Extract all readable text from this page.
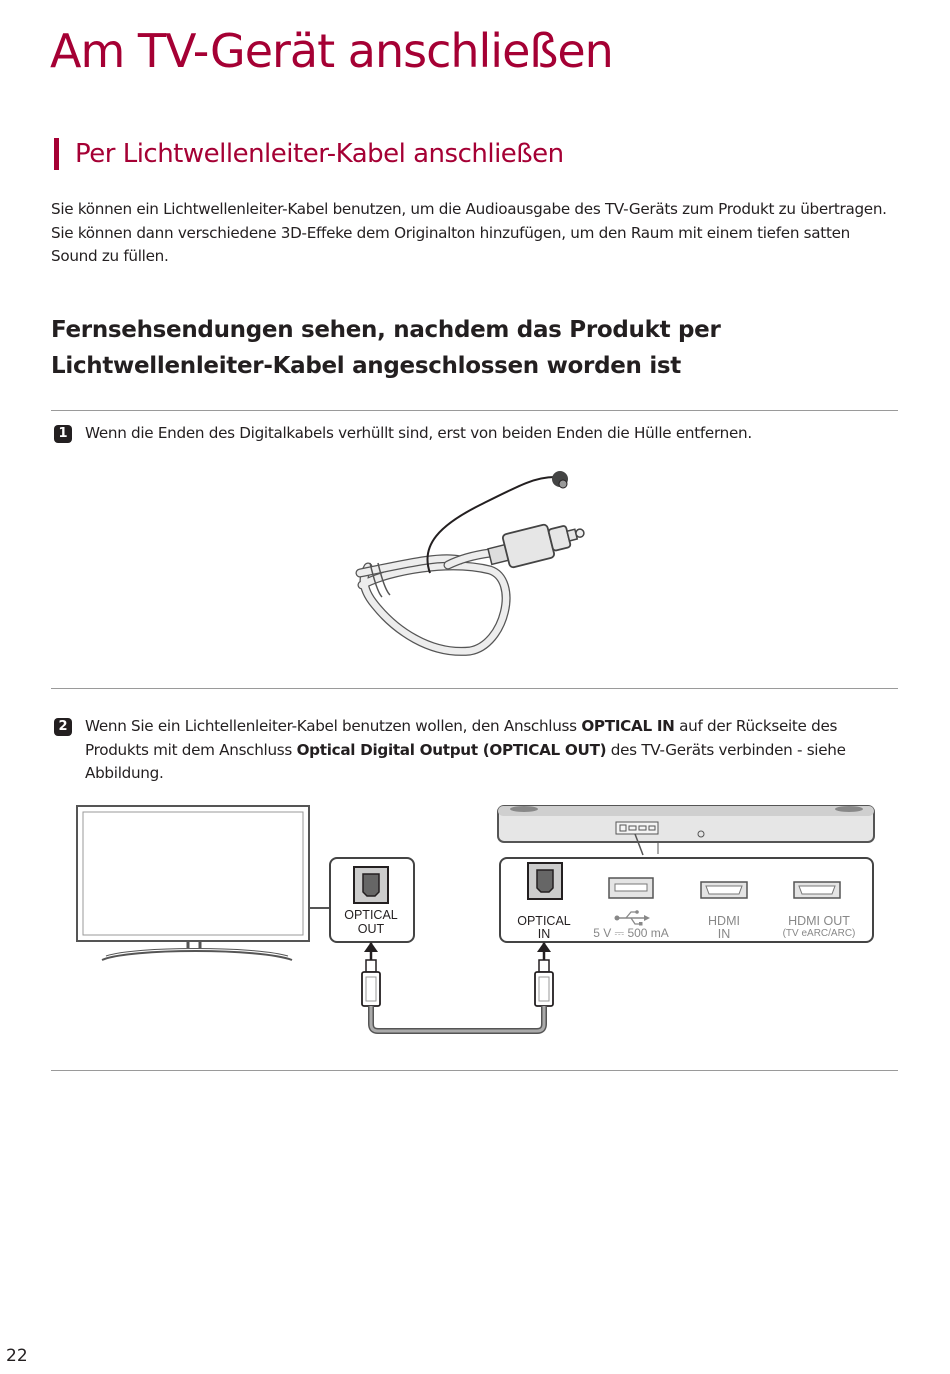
Am TV-Gerät anschließen
Per Lichtwellenleiter-Kabel anschließen

Sie können ein Lichtwellenleiter-Kabel benutzen, um die Audioausgabe des TV-Geräts zum Produkt zu übertragen.
Sie können dann verschiedene 3D-Effeke dem Originalton hinzufügen, um den Raum mit einem tiefen satten
Sound zu füllen.

Fernsehsendungen sehen, nachdem das Produkt per
Lichtwellenleiter-Kabel angeschlossen worden ist
1 Wenn die Enden des Digitalkabels verhüllt sind, erst von beiden Enden die Hülle entfernen.
2 Wenn Sie ein Lichtellenleiter-Kabel benutzen wollen, den Anschluss OPTICAL IN auf der Rückseite des
Produkts mit dem Anschluss Optical Digital Output (OPTICAL OUT) des TV-Geräts verbinden - siehe
Abbildung.
OPTICAL
OUT
OPTICAL
IN	5 V ⎓ 500 mA
HDMI
IN
HDMI OUT
(TV eARC/ARC)
22
